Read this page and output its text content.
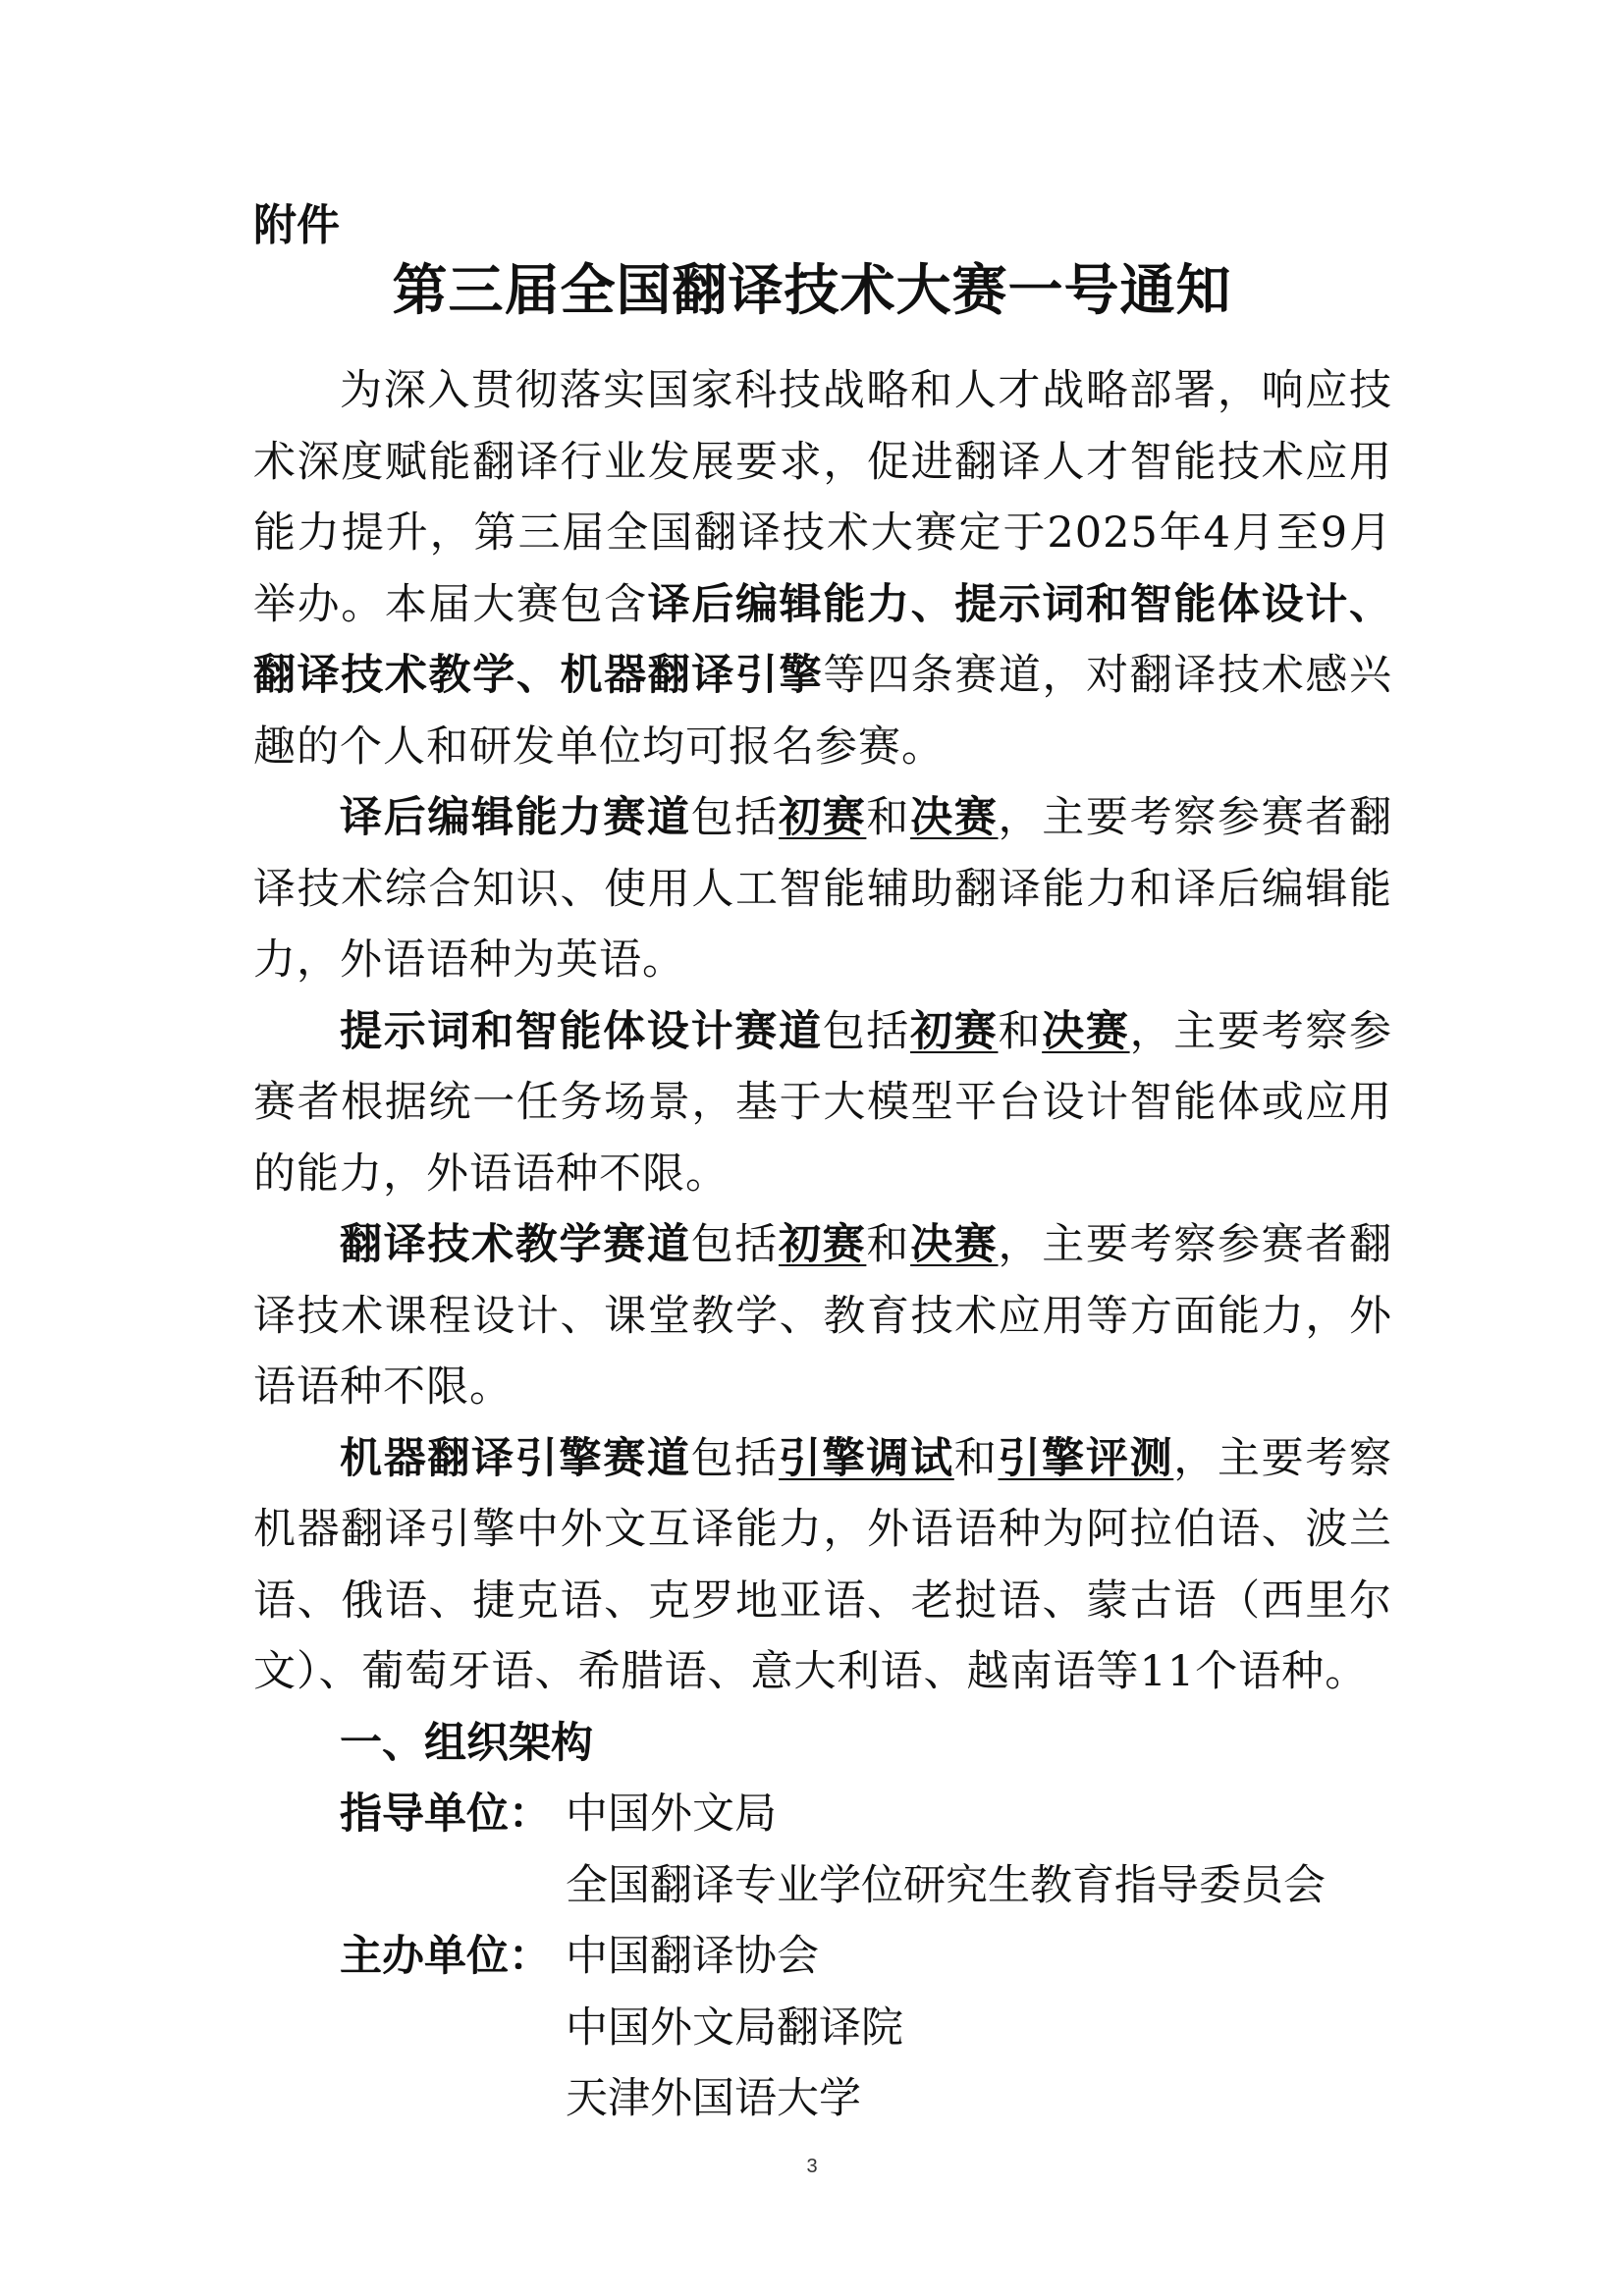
附件
第三届全国翻译技术大赛一号通知

为深入贯彻落实国家科技战略和人才战略部署，响应技术深度赋能翻译行业发展要求，促进翻译人才智能技术应用能力提升，第三届全国翻译技术大赛定于2025年4月至9月举办。本届大赛包含译后编辑能力、提示词和智能体设计、翻译技术教学、机器翻译引擎等四条赛道，对翻译技术感兴趣的个人和研发单位均可报名参赛。

译后编辑能力赛道包括初赛和决赛，主要考察参赛者翻译技术综合知识、使用人工智能辅助翻译能力和译后编辑能力，外语语种为英语。

提示词和智能体设计赛道包括初赛和决赛，主要考察参赛者根据统一任务场景，基于大模型平台设计智能体或应用的能力，外语语种不限。

翻译技术教学赛道包括初赛和决赛，主要考察参赛者翻译技术课程设计、课堂教学、教育技术应用等方面能力，外语语种不限。

机器翻译引擎赛道包括引擎调试和引擎评测，主要考察机器翻译引擎中外文互译能力，外语语种为阿拉伯语、波兰语、俄语、捷克语、克罗地亚语、老挝语、蒙古语（西里尔文）、葡萄牙语、希腊语、意大利语、越南语等11个语种。

一、组织架构

指导单位： 中国外文局
全国翻译专业学位研究生教育指导委员会
主办单位： 中国翻译协会
中国外文局翻译院
天津外国语大学
3
